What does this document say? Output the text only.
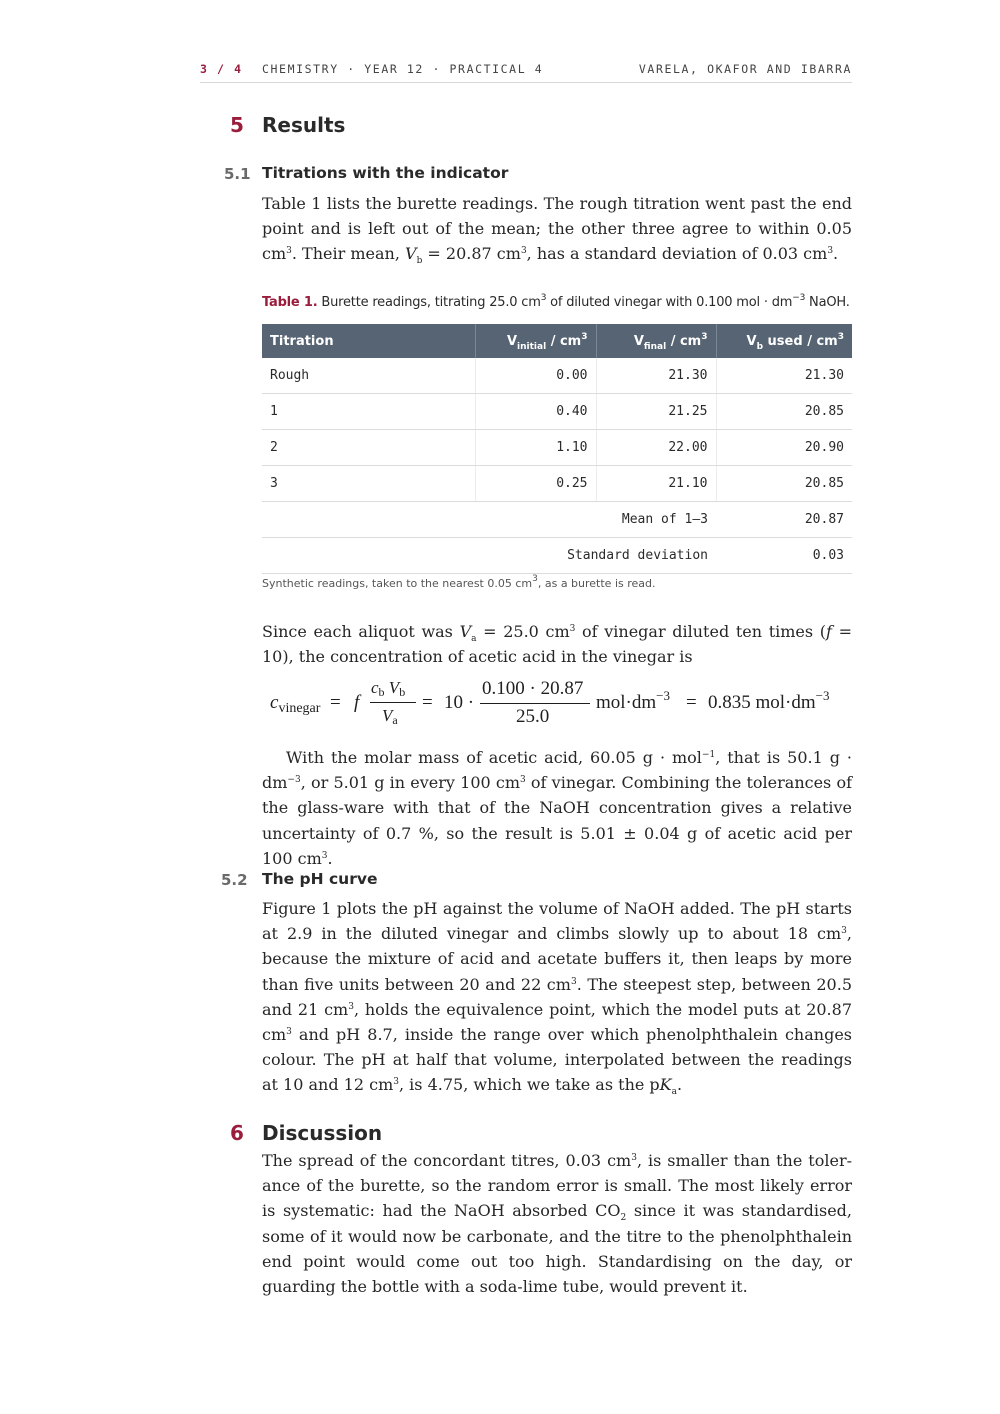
3 / 4 CHEMISTRY · YEAR 12 · PRACTICAL 4	VARELA, OKAFOR AND IBARRA
5 Results
5.1 Titrations with the indicator

Table 1 lists the burette readings. The rough titration went past the end point and is left out of the mean; the other three agree to within 0.05 $cm^3$. Their mean, $V_b = 20.87$ $cm^3$, has a standard deviation of 0.03 $cm^3$.

Table 1. Burette readings, titrating 25.0 $cm^3$ of diluted vinegar with 0.100 mol · $dm^{-3}$ NaOH.
Titration	$V_{initial} / cm^3$	$V_{final} / cm^3$	$V_b$ used / $cm^3$
Rough	0.00	21.30	21.30
1	0.40	21.25	20.85
2	1.10	22.00	20.90
3	0.25	21.10	20.85
Mean of 1–3			20.87
Standard deviation			0.03
Synthetic readings, taken to the nearest 0.05 $cm^3$, as a burette is read.

Since each aliquot was $V_a = 25.0$ $cm^3$ of vinegar diluted ten times (f = 10), the concentration of acetic acid in the vinegar is

$c_{vinegar} = f$
$c_b$ $V_b$
$V_a$
= 10 ·
0.100 · 20.87
25.0
$mol\cdot dm^{-3} = 0.835$ $mol\cdot dm^{-3}$

With the molar mass of acetic acid, 60.05 g · mol$^{-1}$, that is 50.1 $g \cdot dm^{-3}$, or 5.01 g in every 100 $cm^3$ of vinegar. Combining the tolerances of the glass-ware with that of the NaOH concentration gives a relative uncertainty of 0.7 %, so the result is 5.01 ± 0.04 g of acetic acid per 100 $cm^3$.

5.2 The pH curve

Figure 1 plots the pH against the volume of NaOH added. The pH starts at 2.9 in the diluted vinegar and climbs slowly up to about 18 $cm^3$, because the mixture of acid and acetate buffers it, then leaps by more than five units between 20 and 22 $cm^3$. The steepest step, between 20.5 and 21 $cm^3$, holds the equivalence point, which the model puts at 20.87 $cm^3$ and pH 8.7, inside the range over which phenolphthalein changes colour. The pH at half that volume, interpolated between the readings at 10 and 12 $cm^3$, is 4.75, which we take as the $pK_a$.

6 Discussion

The spread of the concordant titres, 0.03 $cm^3$, is smaller than the toler-ance of the burette, so the random error is small. The most likely error is systematic: had the NaOH absorbed $CO_2$ since it was standardised, some of it would now be carbonate, and the titre to the phenolphthalein end point would come out too high. Standardising on the day, or guarding the bottle with a soda-lime tube, would prevent it.
